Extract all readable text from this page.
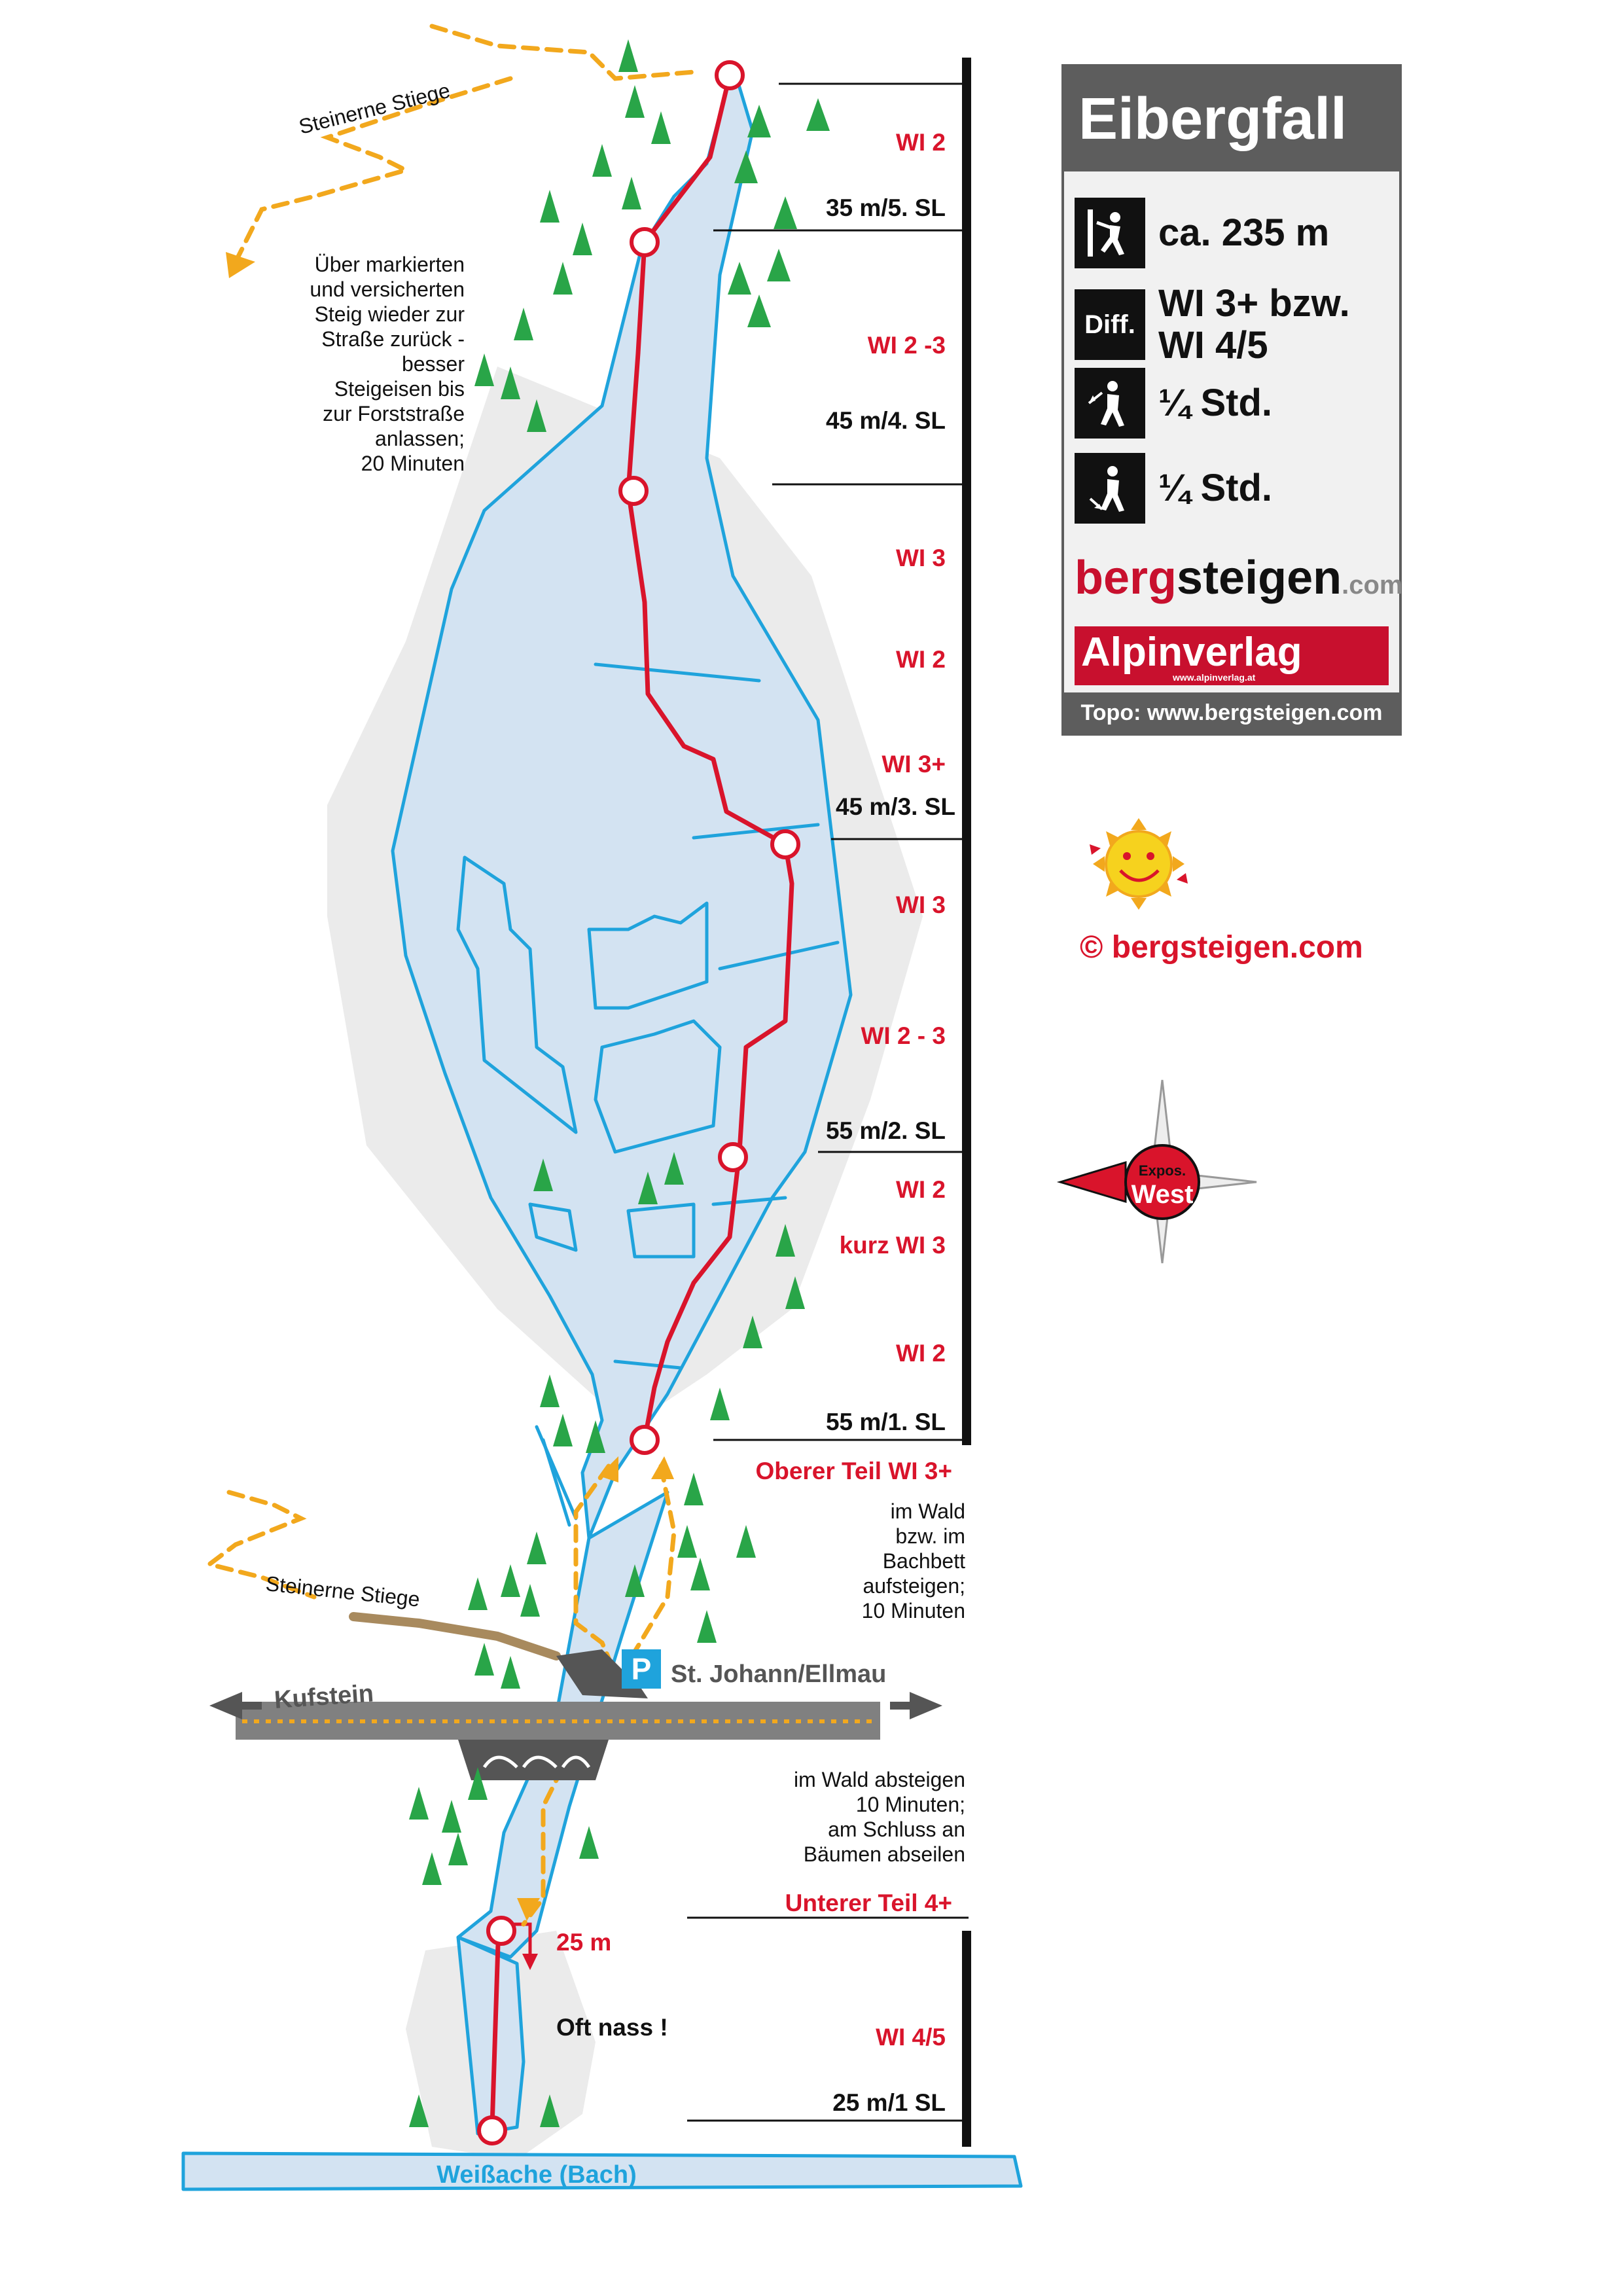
WI 2
35 m/5. SL
WI 2 -3
45 m/4. SL
WI 3
WI 2
WI 3+
45 m/3. SL
WI 3
WI 2 - 3
55 m/2. SL
WI 2
kurz WI 3
WI 2
55 m/1. SL
Oberer Teil WI 3+
Unterer Teil 4+
WI 4/5
25 m/1 SL
25 m
Oft nass !
Über markierten
und versicherten
Steig wieder zur
Straße zurück -
besser
Steigeisen bis
zur Forststraße
anlassen;
20 Minuten
im Wald
bzw. im
Bachbett
aufsteigen;
10 Minuten
im Wald absteigen
10 Minuten;
am Schluss an
Bäumen abseilen
Steinerne Stiege
Steinerne Stiege
Kufstein
P St. Johann/Ellmau
Weißache (Bach)
Expos.
West
Eibergfall
ca. 235 m
Diff. WI 3+ bzw.
WI 4/5
¼ Std.
¼ Std.
bergsteigen.com
Alpinverlag
www.alpinverlag.at
Topo: www.bergsteigen.com
© bergsteigen.com
